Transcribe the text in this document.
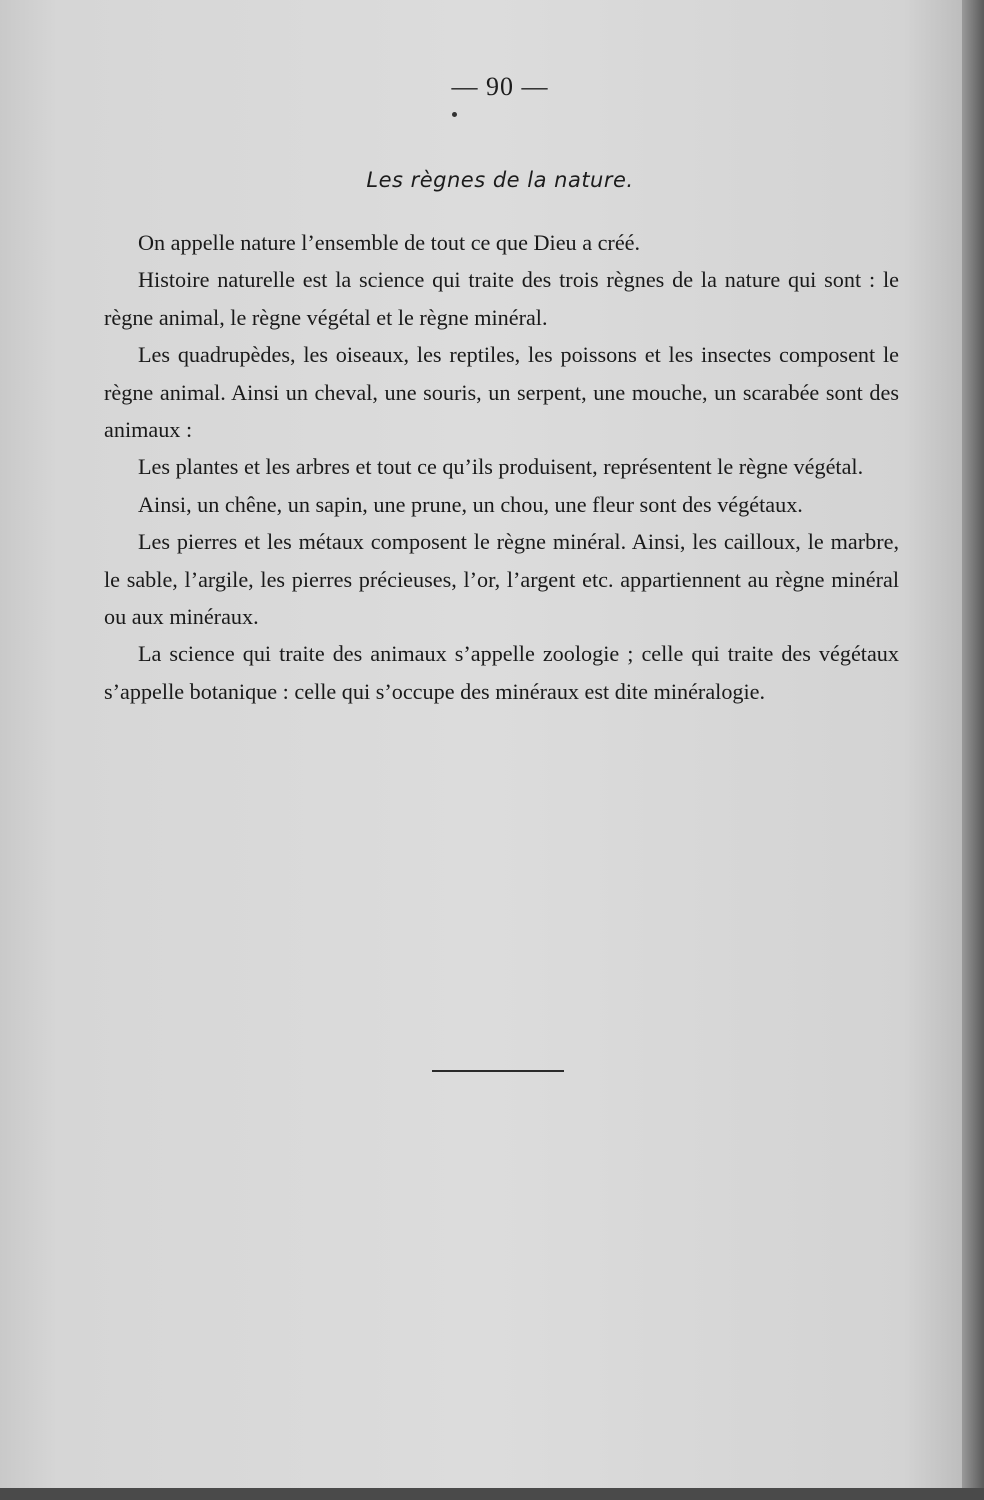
— 90 —
Les règnes de la nature.

On appelle nature l’ensemble de tout ce que Dieu a créé.

Histoire naturelle est la science qui traite des trois règnes de la nature qui sont : le règne animal, le règne végétal et le règne minéral.

Les quadrupèdes, les oiseaux, les reptiles, les poissons et les insectes composent le règne animal. Ainsi un cheval, une souris, un serpent, une mouche, un scarabée sont des animaux :

Les plantes et les arbres et tout ce qu’ils produisent, représentent le règne végétal.

Ainsi, un chêne, un sapin, une prune, un chou, une fleur sont des végétaux.

Les pierres et les métaux composent le règne minéral. Ainsi, les cailloux, le marbre, le sable, l’argile, les pierres précieuses, l’or, l’argent etc. appartiennent au règne minéral ou aux minéraux.

La science qui traite des animaux s’appelle zoologie ; celle qui traite des végétaux s’appelle botanique : celle qui s’occupe des minéraux est dite minéralogie.
